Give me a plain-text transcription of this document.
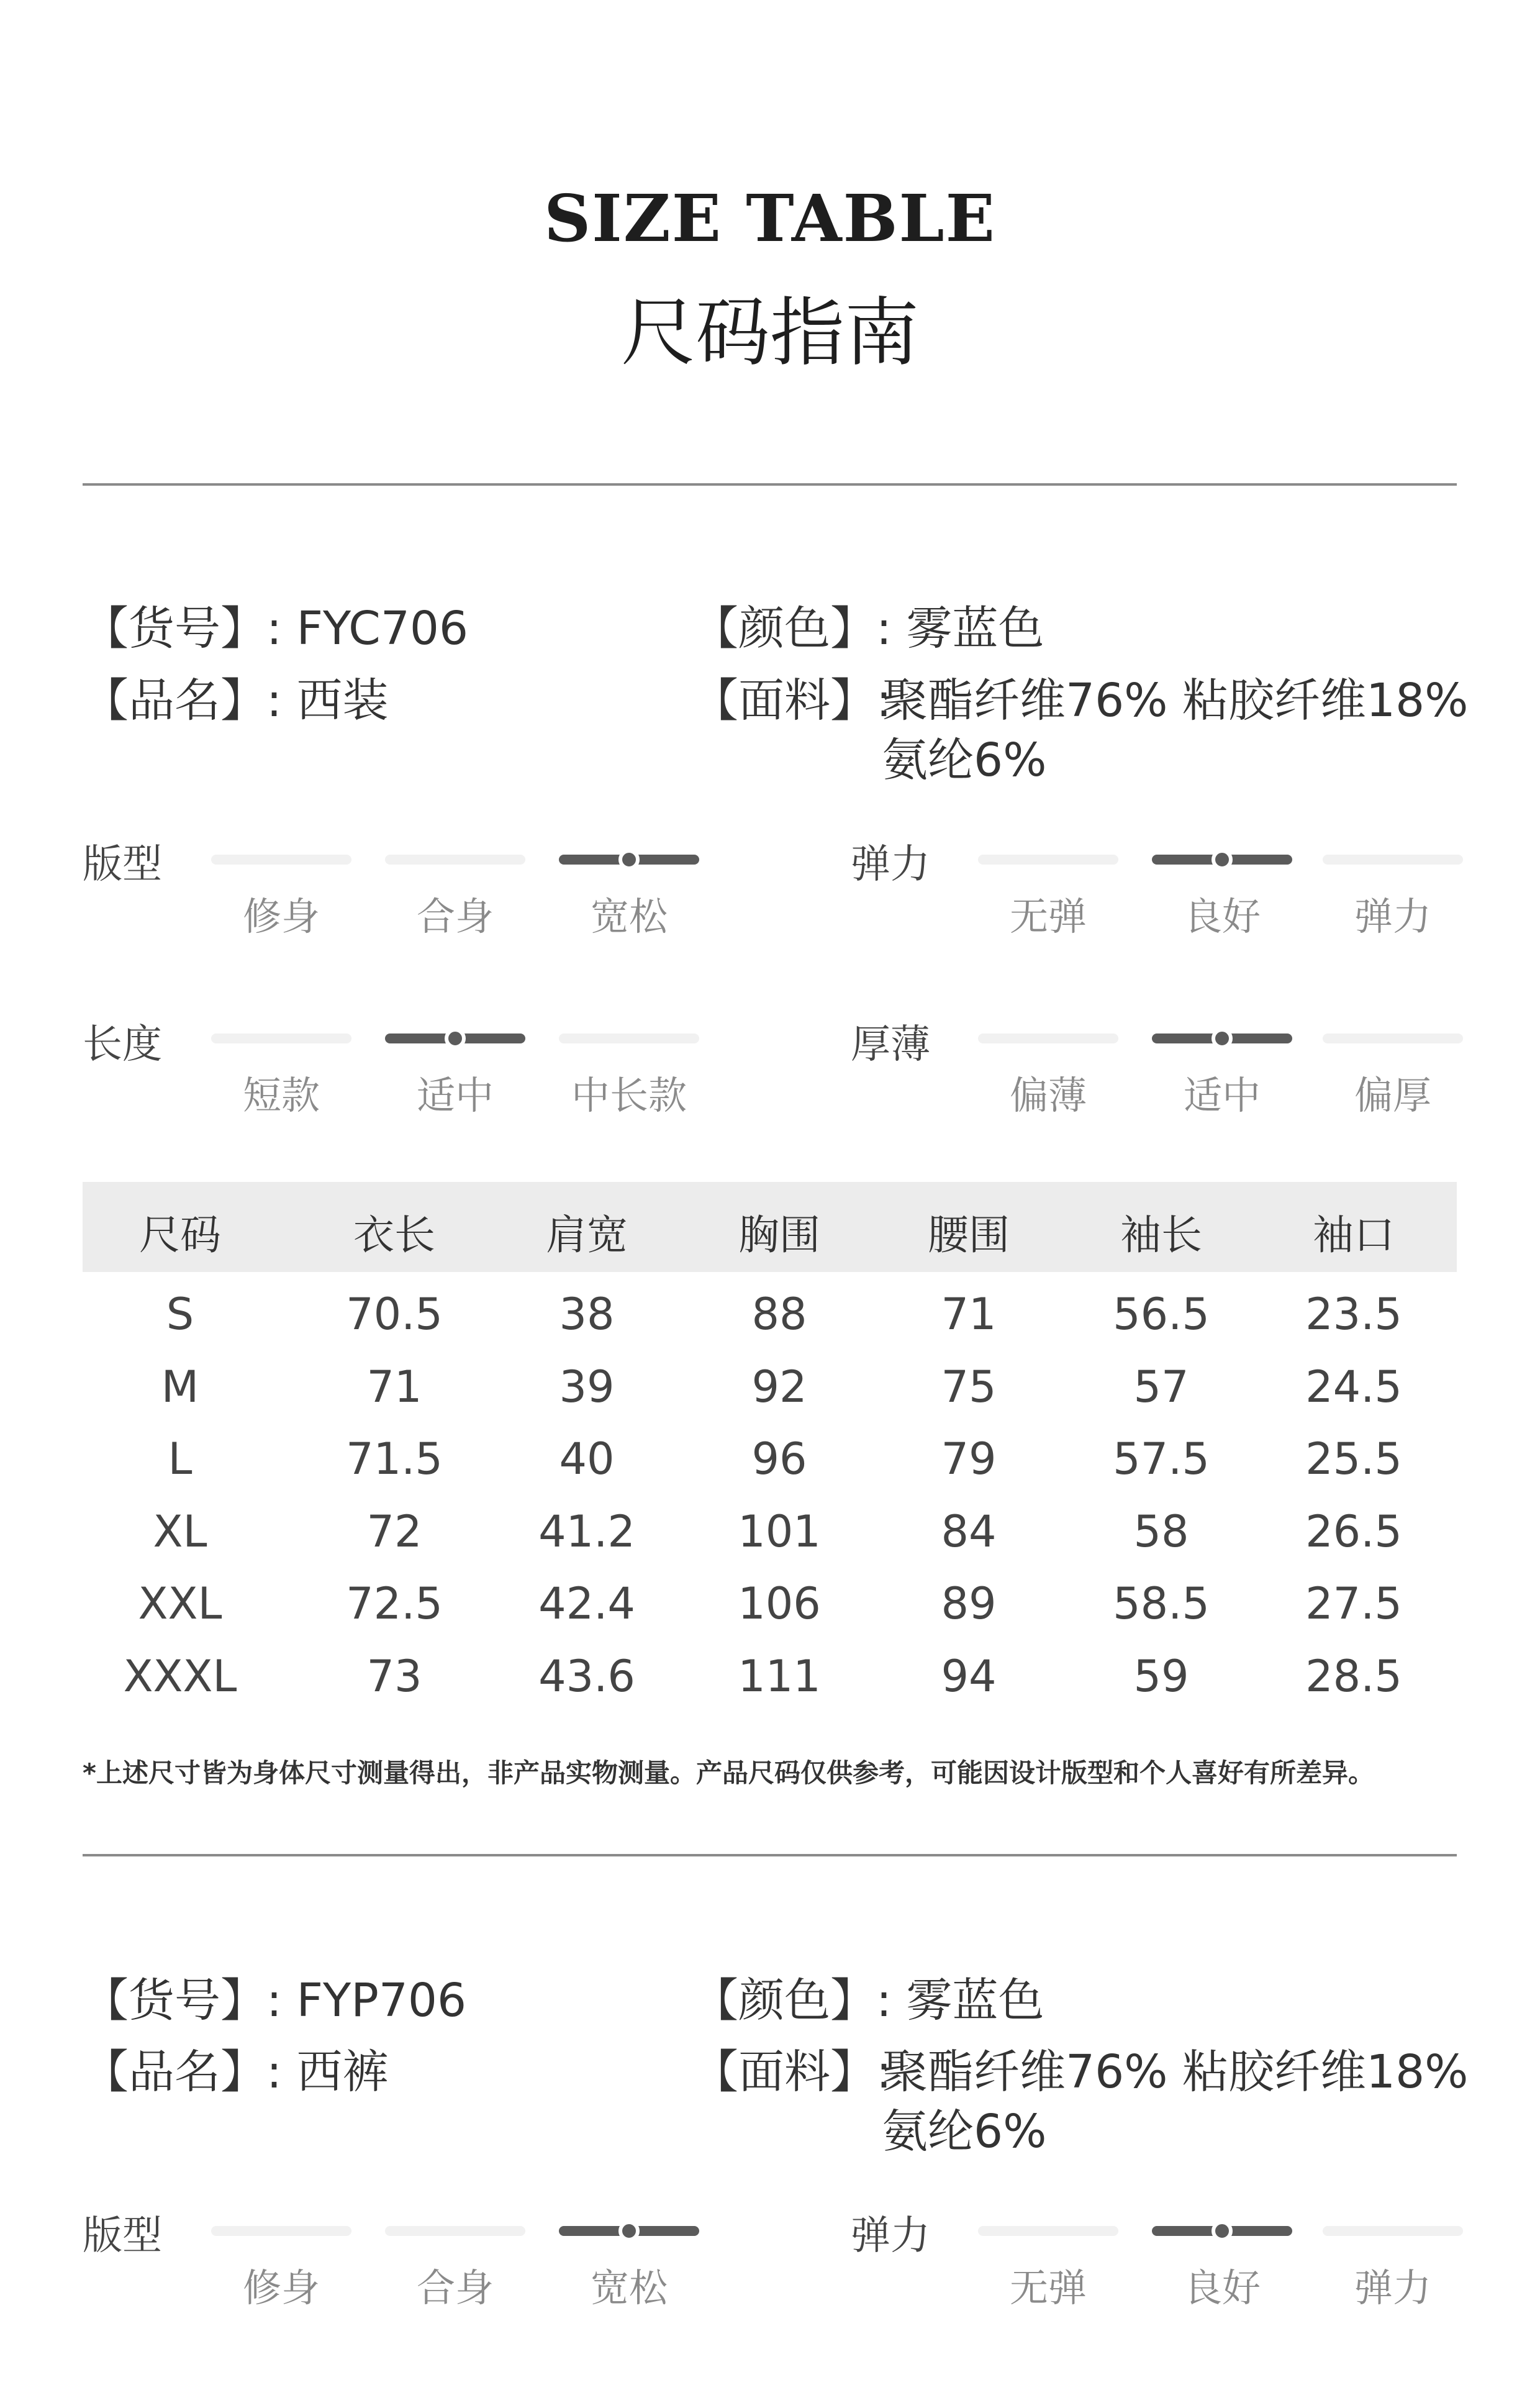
SIZE TABLE
尺码指南
【货号】: FYC706
【品名】: 西装
【颜色】: 雾蓝色
【面料】:
聚酯纤维76% 粘胶纤维18%
氨纶6%
版型	弹力
长度	厚薄
尺码	衣长	肩宽	胸围	腰围	袖长	袖口
S	70.5	38	88	71	56.5	23.5
M	71	39	92	75	57	24.5
L	71.5	40	96	79	57.5	25.5
XL	72	41.2	101	84	58	26.5
XXL	72.5	42.4	106	89	58.5	27.5
XXXL	73	43.6	111	94	59	28.5
*上述尺寸皆为身体尺寸测量得出，非产品实物测量。产品尺码仅供参考，可能因设计版型和个人喜好有所差异。
【货号】: FYP706
【品名】: 西裤
【颜色】: 雾蓝色
【面料】:
聚酯纤维76% 粘胶纤维18%
氨纶6%
版型	弹力
修身	合身	宽松	无弹	良好	弹力
短款	适中	中长款	偏薄	适中	偏厚
修身	合身	宽松	无弹	良好	弹力
